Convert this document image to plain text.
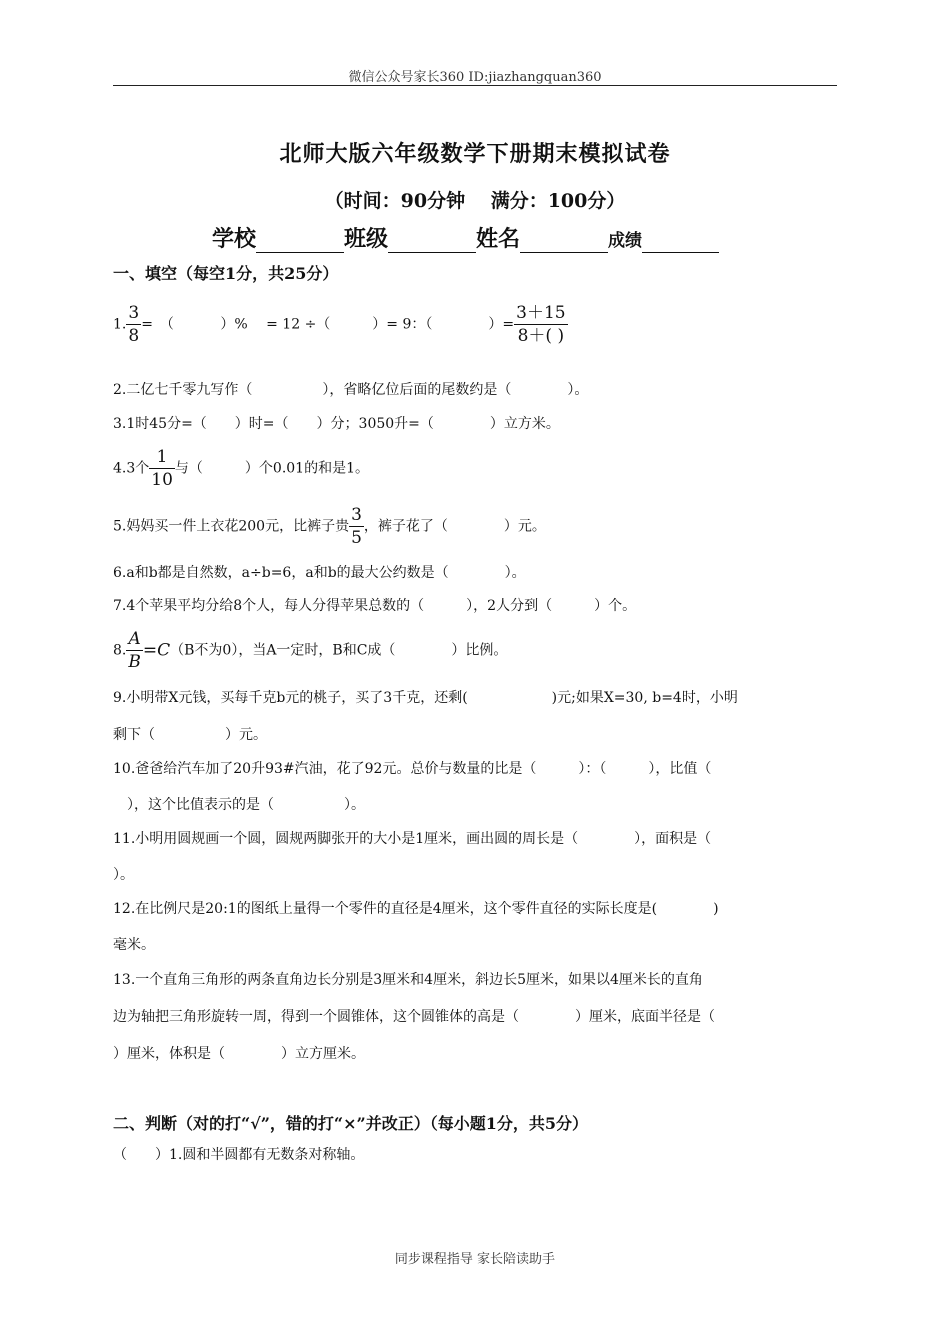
微信公众号家长360 ID:jiazhangquan360
北师大版六年级数学下册期末模拟试卷
（时间：90分钟　 满分：100分）
学校	班级	姓名	成绩
一、填空（每空1分，共25分）
1. $\frac{3}{8}$ =　（　　　 ）%　 = 12 ÷（　　　）= 9：（　　　　）= $\frac{3+15}{8+( )}$
2.二亿七千零九写作（　　　　　），省略亿位后面的尾数约是（　　　　）。
3.1时45分=（　　）时=（　　）分；3050升=（　　　　）立方米。
4.3个 $\frac{1}{10}$ 与（　　　）个0.01的和是1。
5.妈妈买一件上衣花200元，比裤子贵 $\frac{3}{5}$ ，裤子花了（　　　　）元。
6.a和b都是自然数，a÷b=6，a和b的最大公约数是（　　　　）。
7.4个苹果平均分给8个人，每人分得苹果总数的（　　　），2人分到（　　　）个。
8. $\frac{A}{B} =C(B$不为0），当A一定时，B和C成（　　　　）比例。
9.小明带X元钱，买每千克b元的桃子，买了3千克，还剩(　　　　　　)元;如果X=30, b=4时，小明
剩下（　　　　　）元。
10.爸爸给汽车加了20升93#汽油，花了92元。总价与数量的比是（　　　）：（　　　），比值（
　），这个比值表示的是（　　　　　）。
11.小明用圆规画一个圆，圆规两脚张开的大小是1厘米，画出圆的周长是（　　　　），面积是（
）。
12.在比例尺是20:1的图纸上量得一个零件的直径是4厘米，这个零件直径的实际长度是(　　　　)
毫米。
13.一个直角三角形的两条直角边长分别是3厘米和4厘米，斜边长5厘米，如果以4厘米长的直角
边为轴把三角形旋转一周，得到一个圆锥体，这个圆锥体的高是（　　　　）厘米，底面半径是（
）厘米，体积是（　　　　）立方厘米。
二、判断（对的打“√”，错的打“×”并改正）（每小题1分，共5分）
（　　）1.圆和半圆都有无数条对称轴。
同步课程指导 家长陪读助手
